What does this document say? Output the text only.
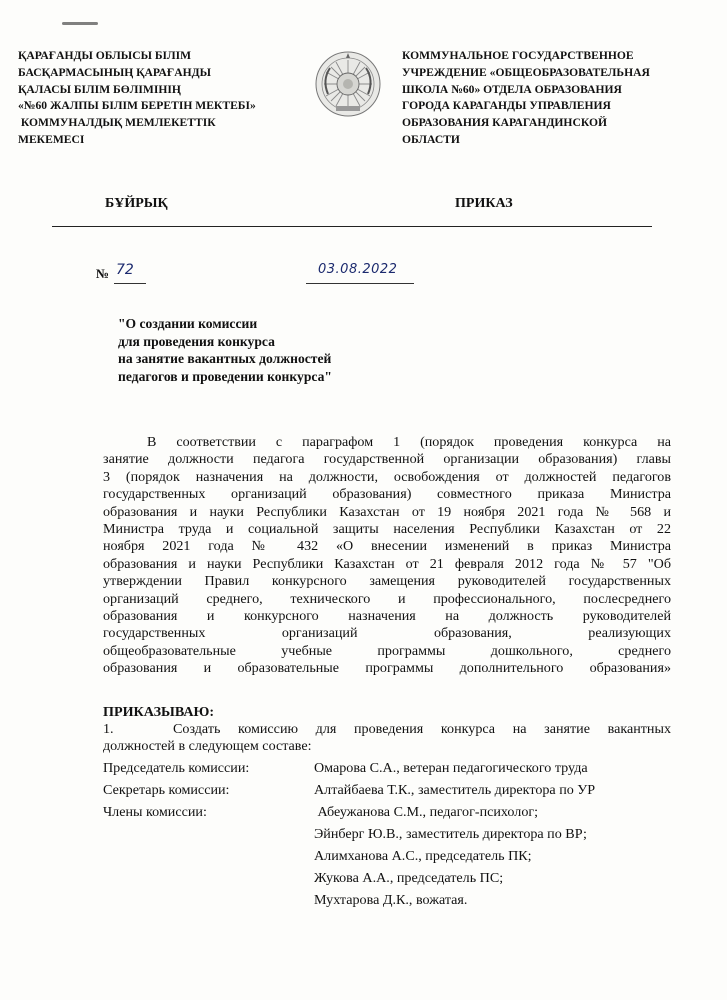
ҚАРАҒАНДЫ ОБЛЫСЫ БІЛІМ
БАСҚАРМАСЫНЫҢ ҚАРАҒАНДЫ
ҚАЛАСЫ БІЛІМ БӨЛІМІНІҢ
«№60 ЖАЛПЫ БІЛІМ БЕРЕТІН МЕКТЕБІ»
КОММУНАЛДЫҚ МЕМЛЕКЕТТІК
МЕКЕМЕСІ
КОММУНАЛЬНОЕ ГОСУДАРСТВЕННОЕ
УЧРЕЖДЕНИЕ «ОБЩЕОБРАЗОВАТЕЛЬНАЯ
ШКОЛА №60» ОТДЕЛА ОБРАЗОВАНИЯ
ГОРОДА КАРАГАНДЫ УПРАВЛЕНИЯ
ОБРАЗОВАНИЯ КАРАГАНДИНСКОЙ
ОБЛАСТИ
БҰЙРЫҚ	ПРИКАЗ
№ 72	03.08.2022
"О создании комиссии
для проведения конкурса
на занятие вакантных должностей
педагогов и проведении конкурса"
В соответствии с параграфом 1 (порядок проведения конкурса на
занятие должности педагога государственной организации образования) главы
3 (порядок назначения на должности, освобождения от должностей педагогов
государственных организаций образования) совместного приказа Министра
образования и науки Республики Казахстан от 19 ноября 2021 года № 568 и
Министра труда и социальной защиты населения Республики Казахстан от 22
ноября 2021 года № 432 «О внесении изменений в приказ Министра
образования и науки Республики Казахстан от 21 февраля 2012 года № 57 "Об
утверждении Правил конкурсного замещения руководителей государственных
организаций среднего, технического и профессионального, послесреднего
образования и конкурсного назначения на должность руководителей
государственных организаций образования, реализующих
общеобразовательные учебные программы дошкольного, среднего
образования и образовательные программы дополнительного образования»
ПРИКАЗЫВАЮ:
1.	Создать комиссию для проведения конкурса на занятие вакантных
должностей в следующем составе:
Председатель комиссии:	Омарова С.А., ветеран педагогического труда
Секретарь комиссии:	Алтайбаева Т.К., заместитель директора по УР
Члены комиссии:	Абеужанова С.М., педагог-психолог;
Эйнберг Ю.В., заместитель директора по ВР;
Алимханова А.С., председатель ПК;
Жукова А.А., председатель ПС;
Мухтарова Д.К., вожатая.
